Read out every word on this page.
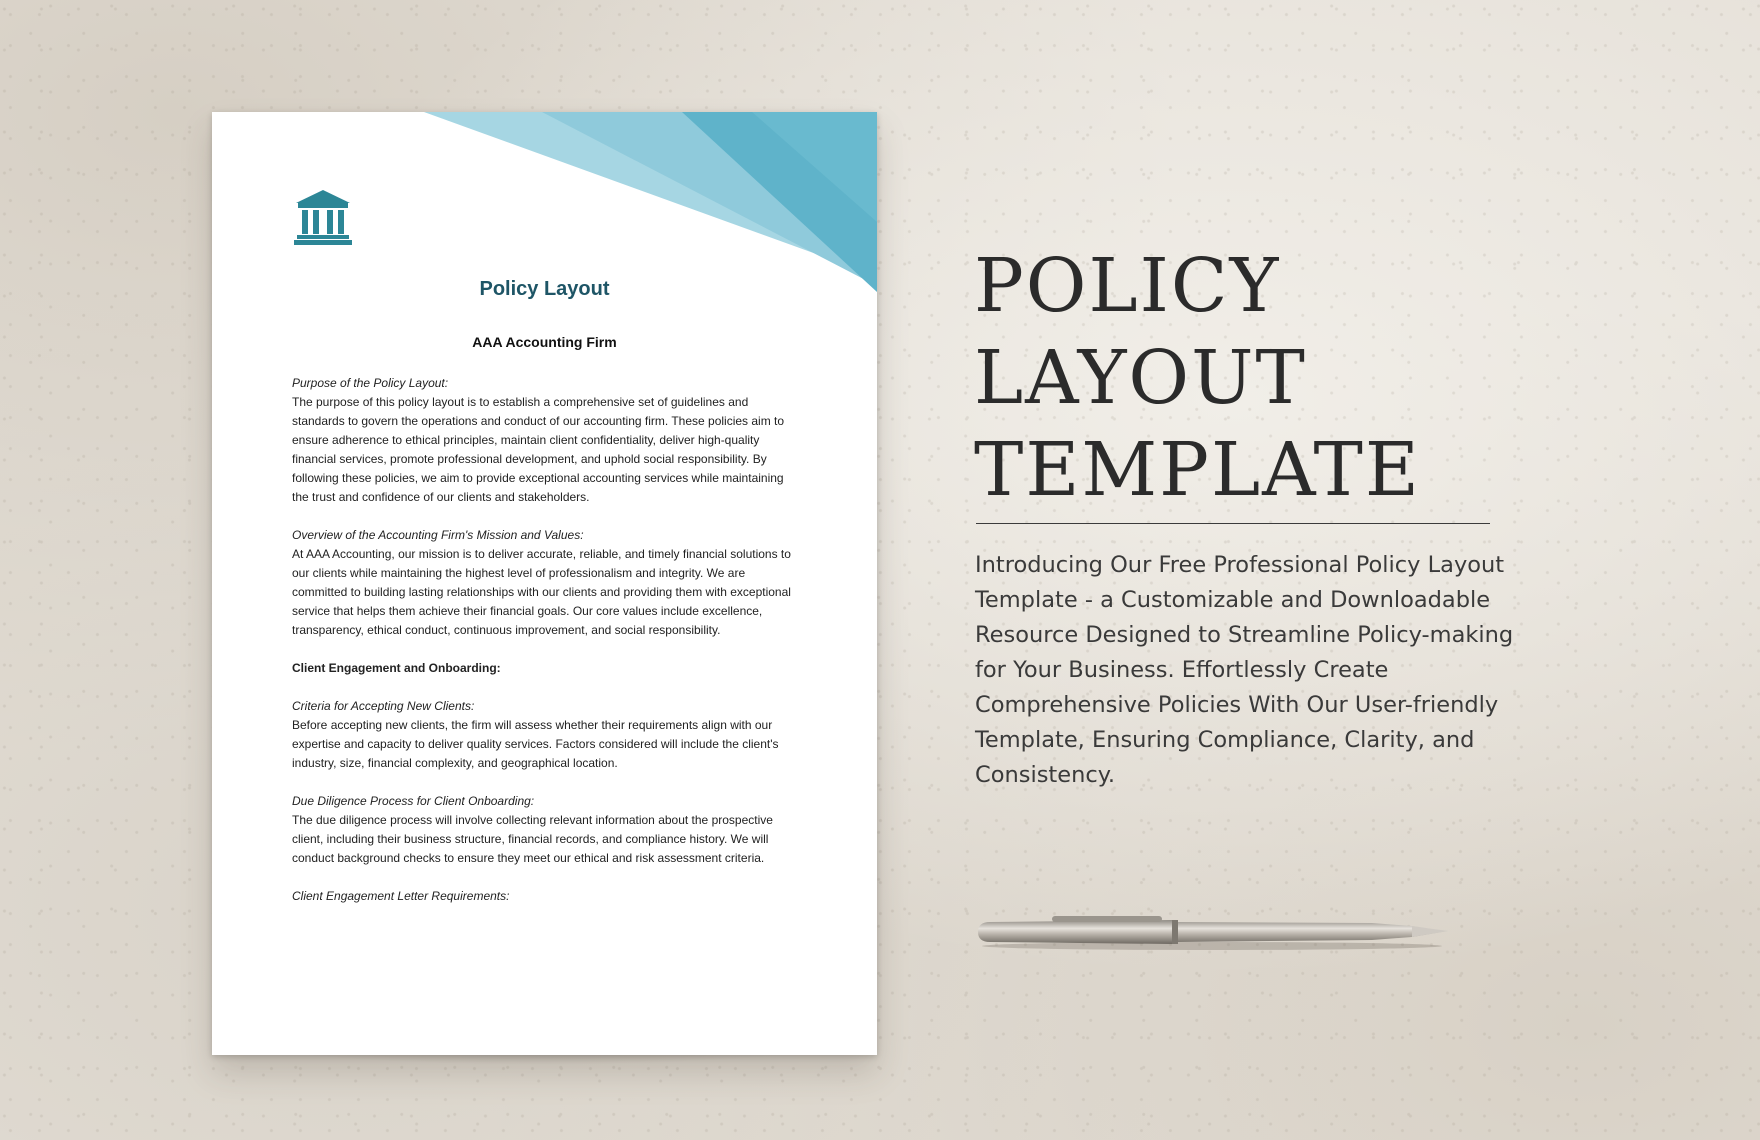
Policy Layout
AAA Accounting Firm
Purpose of the Policy Layout:
The purpose of this policy layout is to establish a comprehensive set of guidelines and standards to govern the operations and conduct of our accounting firm. These policies aim to ensure adherence to ethical principles, maintain client confidentiality, deliver high-quality financial services, promote professional development, and uphold social responsibility. By following these policies, we aim to provide exceptional accounting services while maintaining the trust and confidence of our clients and stakeholders.
Overview of the Accounting Firm's Mission and Values:
At AAA Accounting, our mission is to deliver accurate, reliable, and timely financial solutions to our clients while maintaining the highest level of professionalism and integrity. We are committed to building lasting relationships with our clients and providing them with exceptional service that helps them achieve their financial goals. Our core values include excellence, transparency, ethical conduct, continuous improvement, and social responsibility.
Client Engagement and Onboarding:
Criteria for Accepting New Clients:
Before accepting new clients, the firm will assess whether their requirements align with our expertise and capacity to deliver quality services. Factors considered will include the client's industry, size, financial complexity, and geographical location.
Due Diligence Process for Client Onboarding:
The due diligence process will involve collecting relevant information about the prospective client, including their business structure, financial records, and compliance history. We will conduct background checks to ensure they meet our ethical and risk assessment criteria.
Client Engagement Letter Requirements:
POLICY
LAYOUT
TEMPLATE
Introducing Our Free Professional Policy Layout Template - a Customizable and Downloadable Resource Designed to Streamline Policy-making for Your Business. Effortlessly Create Comprehensive Policies With Our User-friendly Template, Ensuring Compliance, Clarity, and Consistency.
